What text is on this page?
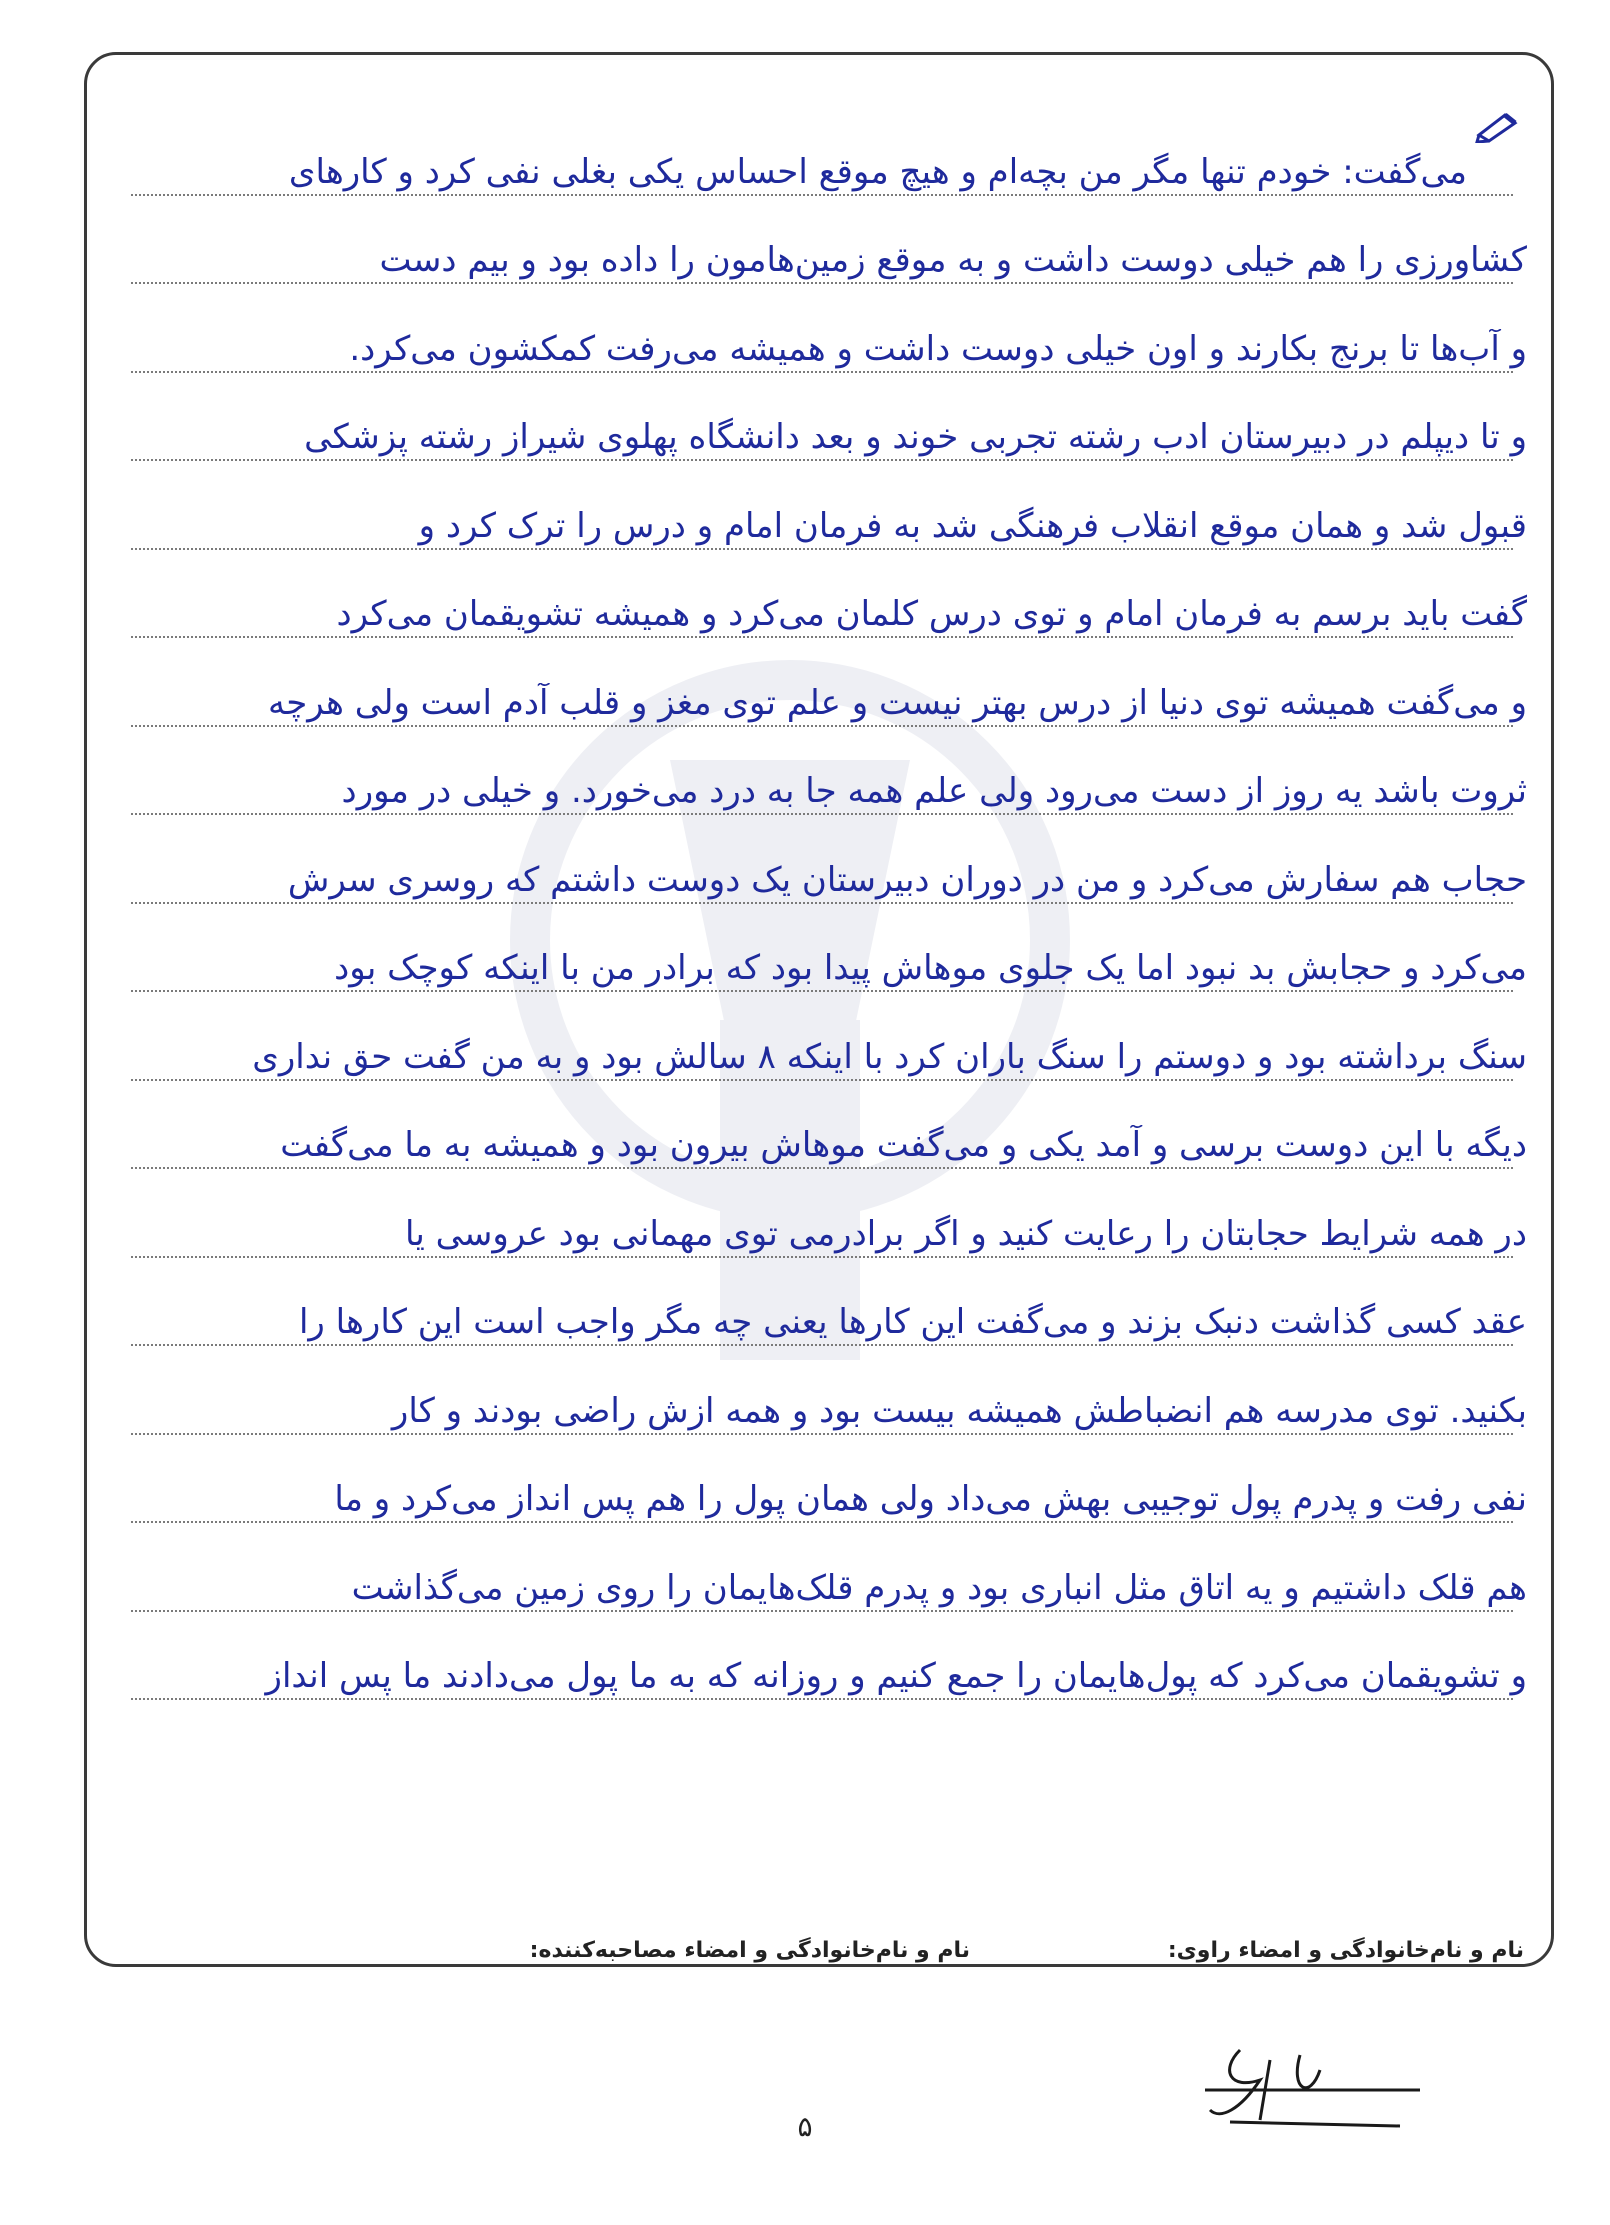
می‌گفت: خودم تنها مگر من بچه‌ام و هیچ موقع احساس یکی بغلی نفی کرد و کارهای
کشاورزی را هم خیلی دوست داشت و به موقع زمین‌هامون را داده بود و بیم دست
و آب‌ها تا برنج بکارند و اون خیلی دوست داشت و همیشه می‌رفت کمکشون می‌کرد.
و تا دیپلم در دبیرستان ادب رشته تجربی خوند و بعد دانشگاه پهلوی شیراز رشته پزشکی
قبول شد و همان موقع انقلاب فرهنگی شد به فرمان امام و درس را ترک کرد و
گفت باید برسم به فرمان امام و توی درس کلمان می‌کرد و همیشه تشویقمان می‌کرد
و می‌گفت همیشه توی دنیا از درس بهتر نیست و علم توی مغز و قلب آدم است ولی هرچه
ثروت باشد یه روز از دست می‌رود ولی علم همه جا به درد می‌خورد. و خیلی در مورد
حجاب هم سفارش می‌کرد و من در دوران دبیرستان یک دوست داشتم که روسری سرش
می‌کرد و حجابش بد نبود اما یک جلوی موهاش پیدا بود که برادر من با اینکه کوچک بود
سنگ برداشته بود و دوستم را سنگ باران کرد با اینکه ۸ سالش بود و به من گفت حق نداری
دیگه با این دوست برسی و آمد یکی و می‌گفت موهاش بیرون بود و همیشه به ما می‌گفت
در همه شرایط حجابتان را رعایت کنید و اگر برادرمی توی مهمانی بود عروسی یا
عقد کسی گذاشت دنبک بزند و می‌گفت این کارها یعنی چه مگر واجب است این کارها را
بکنید. توی مدرسه هم انضباطش همیشه بیست بود و همه ازش راضی بودند و کار
نفی رفت و پدرم پول توجیبی بهش می‌داد ولی همان پول را هم پس انداز می‌کرد و ما
هم قلک داشتیم و یه اتاق مثل انباری بود و پدرم قلک‌هایمان را روی زمین می‌گذاشت
و تشویقمان می‌کرد که پول‌هایمان را جمع کنیم و روزانه که به ما پول می‌دادند ما پس انداز
نام و نام‌خانوادگی و امضاء راوی:
نام و نام‌خانوادگی و امضاء مصاحبه‌کننده:
۵
